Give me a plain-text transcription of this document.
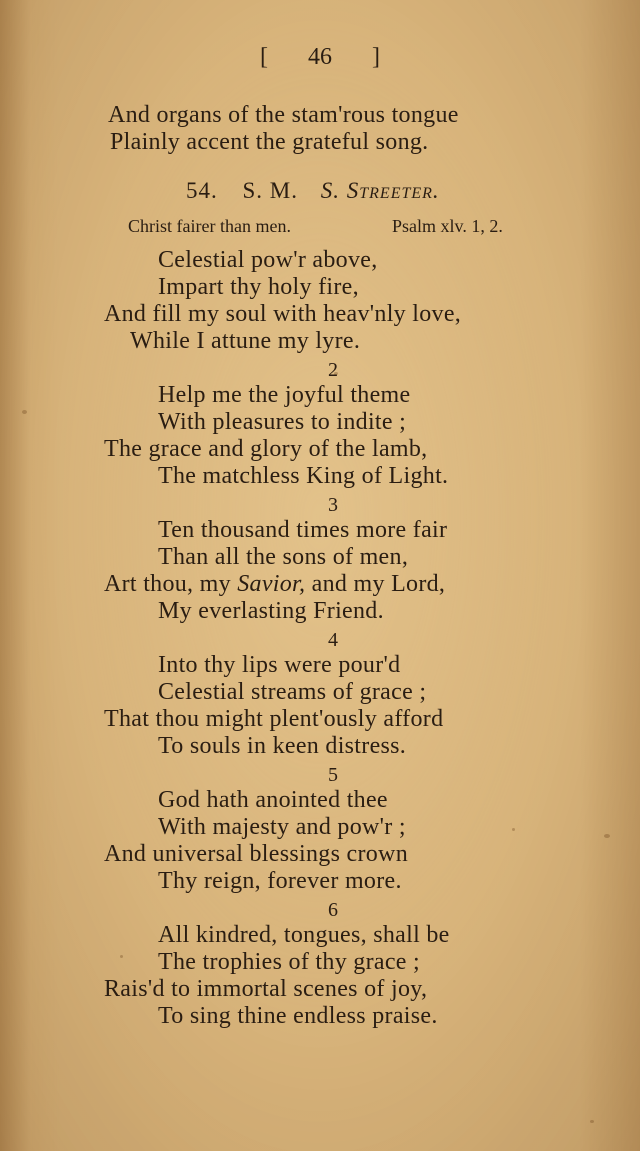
[ 46 ]
And organs of the stam'rous tongue
Plainly accent the grateful song.
54. S. M. S. Streeter.
Christ fairer than men.	Psalm xlv. 1, 2.
Celestial pow'r above,
Impart thy holy fire,
And fill my soul with heav'nly love,
While I attune my lyre.
2
Help me the joyful theme
With pleasures to indite ;
The grace and glory of the lamb,
The matchless King of Light.
3
Ten thousand times more fair
Than all the sons of men,
Art thou, my Savior, and my Lord,
My everlasting Friend.
4
Into thy lips were pour'd
Celestial streams of grace ;
That thou might plent'ously afford
To souls in keen distress.
5
God hath anointed thee
With majesty and pow'r ;
And universal blessings crown
Thy reign, forever more.
6
All kindred, tongues, shall be
The trophies of thy grace ;
Rais'd to immortal scenes of joy,
To sing thine endless praise.
